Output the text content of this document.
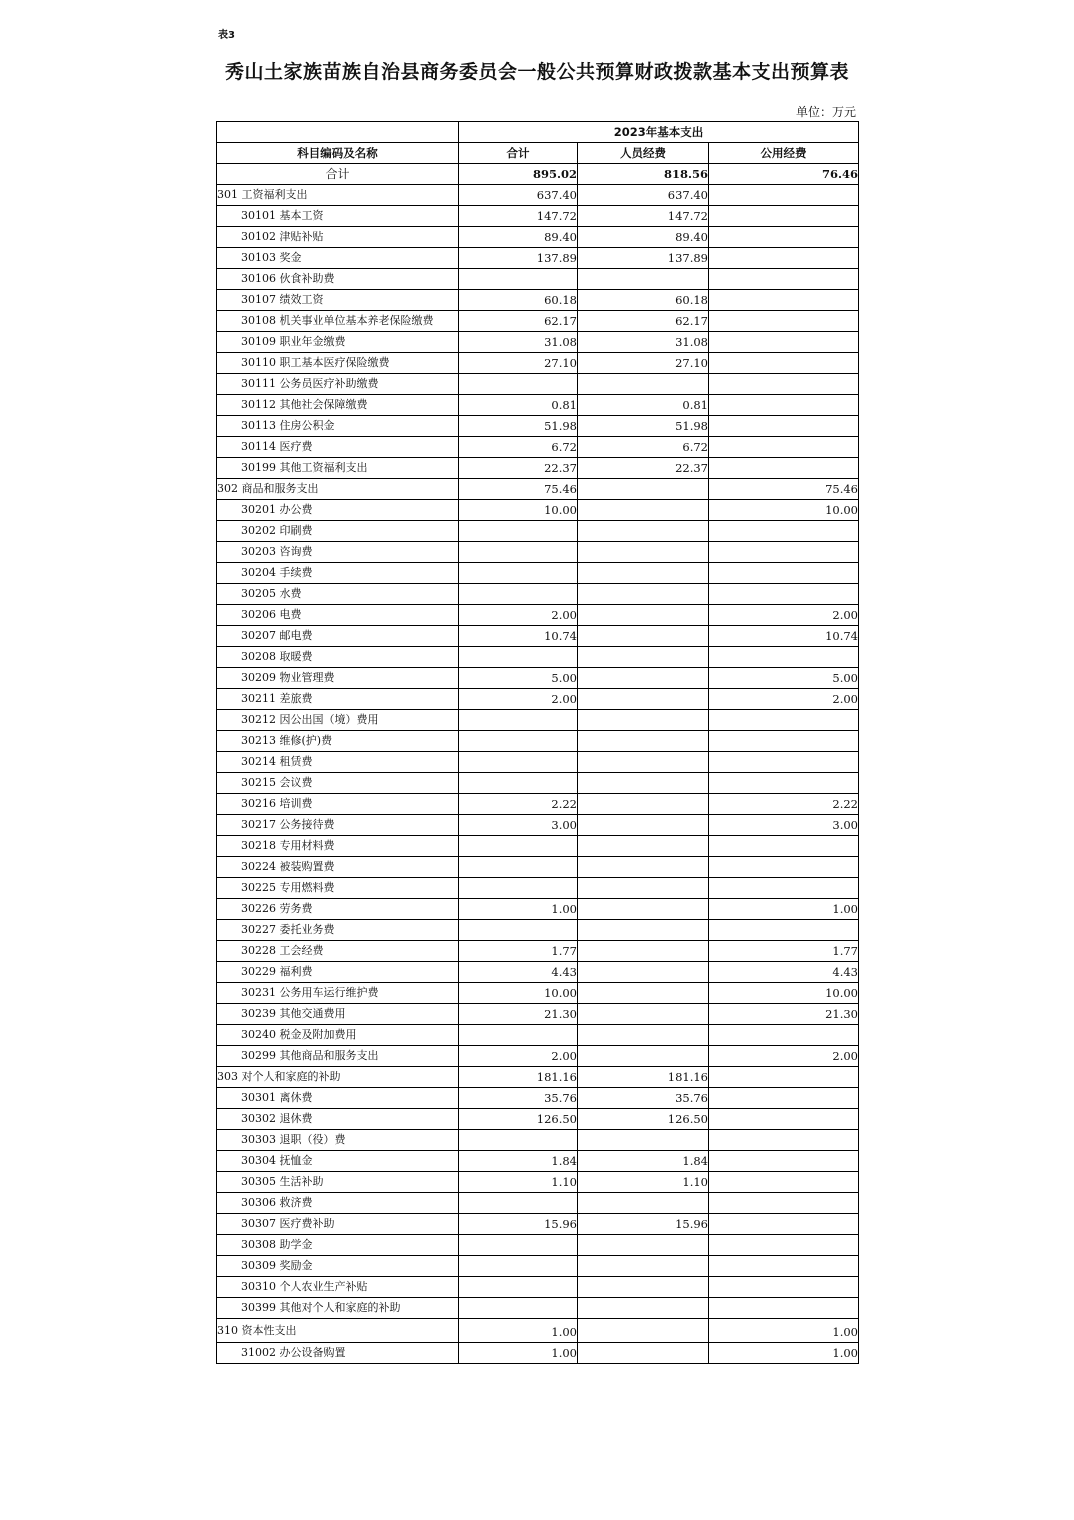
表3
秀山土家族苗族自治县商务委员会一般公共预算财政拨款基本支出预算表
单位：万元
	2023年基本支出		
科目编码及名称	合计	人员经费	公用经费
合计	895.02	818.56	76.46
301 工资福利支出	637.40	637.40	
30101 基本工资	147.72	147.72	
30102 津贴补贴	89.40	89.40	
30103 奖金	137.89	137.89	
30106 伙食补助费			
30107 绩效工资	60.18	60.18	
30108 机关事业单位基本养老保险缴费	62.17	62.17	
30109 职业年金缴费	31.08	31.08	
30110 职工基本医疗保险缴费	27.10	27.10	
30111 公务员医疗补助缴费			
30112 其他社会保障缴费	0.81	0.81	
30113 住房公积金	51.98	51.98	
30114 医疗费	6.72	6.72	
30199 其他工资福利支出	22.37	22.37	
302 商品和服务支出	75.46		75.46
30201 办公费	10.00		10.00
30202 印刷费			
30203 咨询费			
30204 手续费			
30205 水费			
30206 电费	2.00		2.00
30207 邮电费	10.74		10.74
30208 取暖费			
30209 物业管理费	5.00		5.00
30211 差旅费	2.00		2.00
30212 因公出国（境）费用			
30213 维修(护)费			
30214 租赁费			
30215 会议费			
30216 培训费	2.22		2.22
30217 公务接待费	3.00		3.00
30218 专用材料费			
30224 被装购置费			
30225 专用燃料费			
30226 劳务费	1.00		1.00
30227 委托业务费			
30228 工会经费	1.77		1.77
30229 福利费	4.43		4.43
30231 公务用车运行维护费	10.00		10.00
30239 其他交通费用	21.30		21.30
30240 税金及附加费用			
30299 其他商品和服务支出	2.00		2.00
303 对个人和家庭的补助	181.16	181.16	
30301 离休费	35.76	35.76	
30302 退休费	126.50	126.50	
30303 退职（役）费			
30304 抚恤金	1.84	1.84	
30305 生活补助	1.10	1.10	
30306 救济费			
30307 医疗费补助	15.96	15.96	
30308 助学金			
30309 奖励金			
30310 个人农业生产补贴			
30399 其他对个人和家庭的补助			
310 资本性支出	1.00		1.00
31002 办公设备购置	1.00		1.00
